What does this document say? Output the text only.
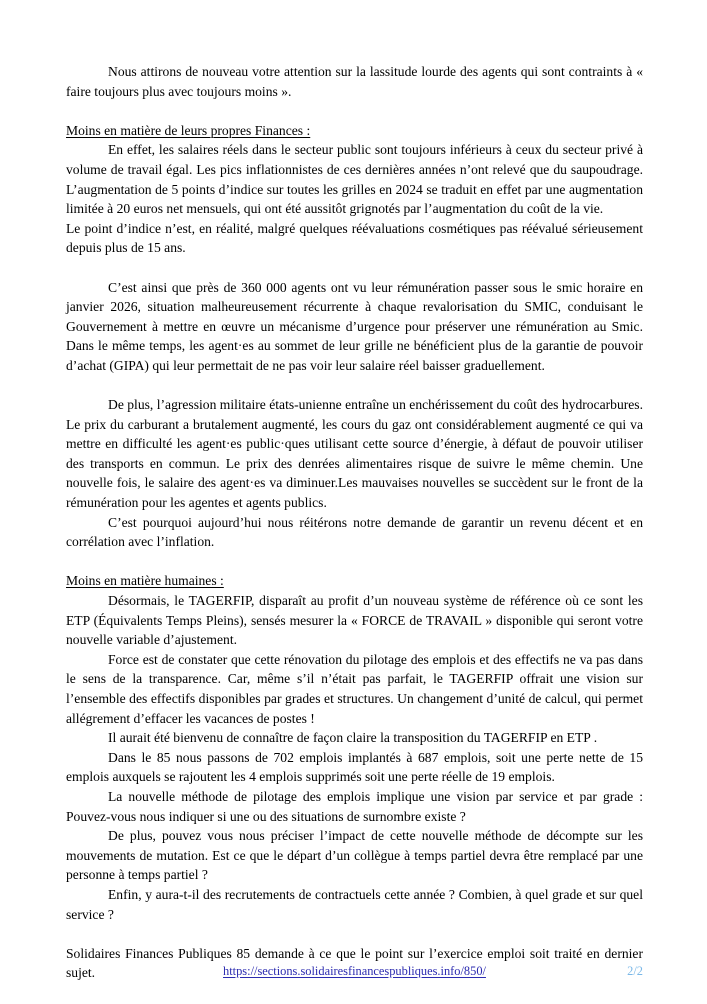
Nous attirons de nouveau votre attention sur la lassitude lourde des agents qui sont contraints à « faire toujours plus avec toujours moins ».

Moins en matière de leurs propres Finances :

En effet, les salaires réels dans le secteur public sont toujours inférieurs à ceux du secteur privé à volume de travail égal. Les pics inflationnistes de ces dernières années n’ont relevé que du saupoudrage. L’augmentation de 5 points d’indice sur toutes les grilles en 2024 se traduit en effet par une augmentation limitée à 20 euros net mensuels, qui ont été aussitôt grignotés par l’augmentation du coût de la vie.

Le point d’indice n’est, en réalité, malgré quelques réévaluations cosmétiques pas réévalué sérieusement depuis plus de 15 ans.

C’est ainsi que près de 360 000 agents ont vu leur rémunération passer sous le smic horaire en janvier 2026, situation malheureusement récurrente à chaque revalorisation du SMIC, conduisant le Gouvernement à mettre en œuvre un mécanisme d’urgence pour préserver une rémunération au Smic. Dans le même temps, les agent·es au sommet de leur grille ne bénéficient plus de la garantie de pouvoir d’achat (GIPA) qui leur permettait de ne pas voir leur salaire réel baisser graduellement.

De plus, l’agression militaire états-unienne entraîne un enchérissement du coût des hydrocarbures. Le prix du carburant a brutalement augmenté, les cours du gaz ont considérablement augmenté ce qui va mettre en difficulté les agent·es public·ques utilisant cette source d’énergie, à défaut de pouvoir utiliser des transports en commun. Le prix des denrées alimentaires risque de suivre le même chemin. Une nouvelle fois, le salaire des agent·es va diminuer.Les mauvaises nouvelles se succèdent sur le front de la rémunération pour les agentes et agents publics.

C’est pourquoi aujourd’hui nous réitérons notre demande de garantir un revenu décent et en corrélation avec l’inflation.

Moins en matière humaines :

Désormais, le TAGERFIP, disparaît au profit d’un nouveau système de référence où ce sont les ETP (Équivalents Temps Pleins), sensés mesurer la « FORCE de TRAVAIL » disponible qui seront votre nouvelle variable d’ajustement.

Force est de constater que cette rénovation du pilotage des emplois et des effectifs ne va pas dans le sens de la transparence. Car, même s’il n’était pas parfait, le TAGERFIP offrait une vision sur l’ensemble des effectifs disponibles par grades et structures. Un changement d’unité de calcul, qui permet allégrement d’effacer les vacances de postes !

Il aurait été bienvenu de connaître de façon claire la transposition du TAGERFIP en ETP .

Dans le 85 nous passons de 702 emplois implantés à 687 emplois, soit une perte nette de 15 emplois auxquels se rajoutent les 4 emplois supprimés soit une perte réelle de 19 emplois.

La nouvelle méthode de pilotage des emplois implique une vision par service et par grade : Pouvez-vous nous indiquer si une ou des situations de surnombre existe ?

De plus, pouvez vous nous préciser l’impact de cette nouvelle méthode de décompte sur les mouvements de mutation. Est ce que le départ d’un collègue à temps partiel devra être remplacé par une personne à temps partiel ?

Enfin, y aura-t-il des recrutements de contractuels cette année ? Combien, à quel grade et sur quel service ?

Solidaires Finances Publiques 85 demande à ce que le point sur l’exercice emploi soit traité en dernier sujet.	https://sections.solidairesfinancespubliques.info/850/	2/2
